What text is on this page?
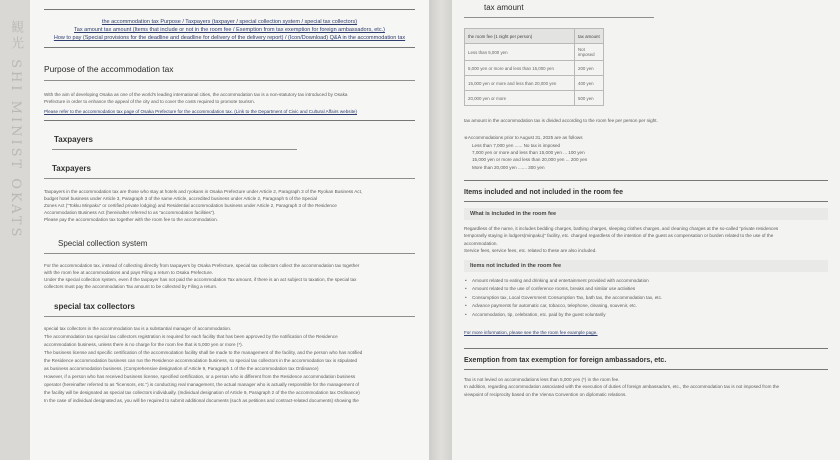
観光 SHI MINIST OKATS	the accommodation tax Purpose / Taxpayers (taxpayer / special collection system / special tax collectors)
Tax amount tax amount (Items that include or not in the room fee / Exemption from tax exemption for foreign ambassadors, etc.)
How to pay (Special provisions for the deadline and deadline for delivery of the delivery report) / (Icon/Download) Q&A in the accommodation tax
Purpose of the accommodation tax
With the aim of developing Osaka as one of the world's leading international cities, the accommodation tax is a non-statutory tax introduced by Osaka
Prefecture in order to enhance the appeal of the city and to cover the costs required to promote tourism.
Please refer to the accommodation tax page of Osaka Prefecture for the accommodation tax. (Link to the Department of Civic and Cultural Affairs website)
Taxpayers
Taxpayers
Taxpayers in the accommodation tax are those who stay at hotels and ryokans in Osaka Prefecture under Article 2, Paragraph 3 of the Ryokan Business Act,
budget hotel business under Article 3, Paragraph 3 of the same Article, accredited business under Article 2, Paragraph 5 of the Special
Zones Act ("Tokku Minpaku" or certified private lodging) and Residential accommodation business under Article 2, Paragraph 3 of the Residence
Accommodation Business Act (hereinafter referred to as "accommodation facilities").
Please pay the accommodation tax together with the room fee to the accommodation.
Special collection system
For the accommodation tax, instead of collecting directly from taxpayers by Osaka Prefecture, special tax collectors collect the accommodation tax together
with the room fee at accommodations and pays Filing a return to Osaka Prefecture.
Under the special collection system, even if the taxpayer has not paid the accommodation Tax amount, if there is an act subject to taxation, the special tax
collectors must pay the accommodation Tax amount to be collected by Filing a return.
special tax collectors
special tax collectors in the accommodation tax is a substantial manager of accommodation.
The accommodation tax special tax collectors registration is required for each facility that has been approved by the notification of the Residence
accommodation business, unless there is no charge for the room fee that is 5,000 yen or more (*).
The business license and specific certification of the accommodation facility shall be made to the management of the facility, and the person who has notified
the Residence accommodation business can run the Residence accommodation business, so special tax collectors in the accommodation tax is stipulated
as business accommodation business. (Comprehensive designation of Article 9, Paragraph 1 of the the accommodation tax Ordinance)
However, if a person who has received business license, specified certification, or a person who is different from the Residence accommodation business
operator (hereinafter referred to as "licensors, etc.") is conducting real management, the actual manager who is actually responsible for the management of
the facility will be designated as special tax collectors individually. (Individual designation of Article 9, Paragraph 2 of the the accommodation tax Ordinance)
In the case of individual designated as, you will be required to submit additional documents (such as petitions and contract-related documents) showing the
tax amount
the room fee (1 night per person)	tax amount
Less than 5,000 yen	Not imposed
5,000 yen or more and less than 15,000 yen	200 yen
15,000 yen or more and less than 20,000 yen	400 yen
20,000 yen or more	500 yen
tax amount in the accommodation tax is divided according to the room fee per person per night.
※Accommodations prior to August 31, 2025 are as follows
Less than 7,000 yen ...... No tax is imposed
7,000 yen or more and less than 15,000 yen ... 100 yen
15,000 yen or more and less than 20,000 yen ... 200 yen
More than 20,000 yen ....... 300 yen
Items included and not included in the room fee
What is included in the room fee
Regardless of the name, it includes bedding charges, bathing charges, sleeping clothes charges, and cleaning charges at the so-called "private residences
temporarily staying in lodgers(minpaku)" facility, etc. charged regardless of the intention of the guest as compensation or burden related to the use of the
accommodation.
Service fees, service fees, etc. related to these are also included.
Items not included in the room fee
• Amount related to eating and drinking and entertainment provided with accommodation
• Amount related to the use of conference rooms, breaks and similar use activities
• Consumption tax, Local Government Consumption Tax, bath tax, the accommodation tax, etc.
• Advance payments for automatic car, tobacco, telephone, cleaning, souvenir, etc.
• Accommodation, tip, celebration, etc. paid by the guest voluntarily
For more information, please see the the room fee example page.
Exemption from tax exemption for foreign ambassadors, etc.
Tax is not levied on accommodations less than 5,000 yen (*) in the room fee.
In addition, regarding accommodation associated with the execution of duties of foreign ambassadors, etc., the accommodation tax is not imposed from the
viewpoint of reciprocity based on the Vienna Convention on diplomatic relations.
